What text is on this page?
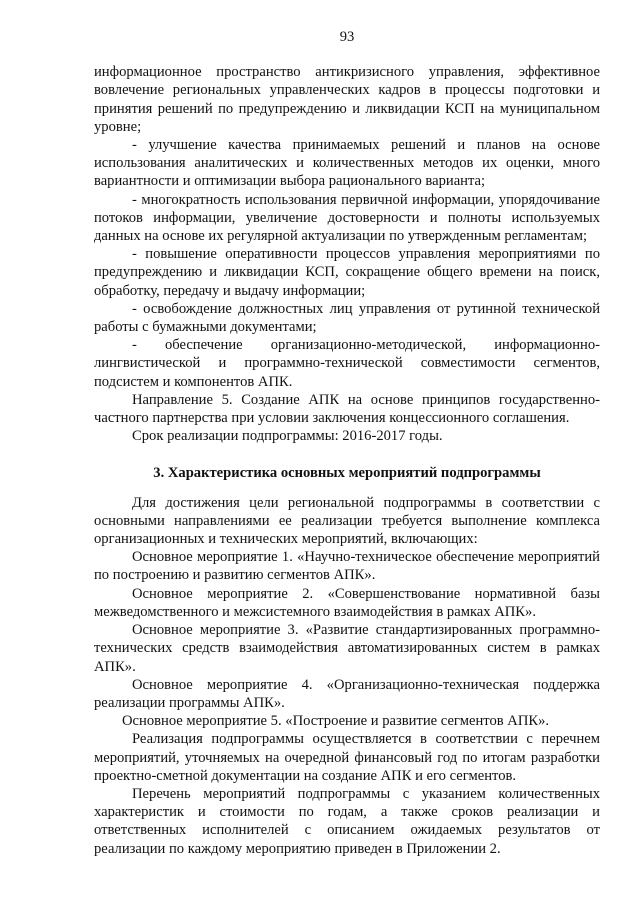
93

информационное пространство антикризисного управления, эффективное вовлечение региональных управленческих кадров в процессы подготовки и принятия решений по предупреждению и ликвидации КСП на муниципальном уровне;

- улучшение качества принимаемых решений и планов на основе использования аналитических и количественных методов их оценки, много вариантности и оптимизации выбора рационального варианта;

- многократность использования первичной информации, упорядочивание потоков информации, увеличение достоверности и полноты используемых данных на основе их регулярной актуализации по утвержденным регламентам;

- повышение оперативности процессов управления мероприятиями по предупреждению и ликвидации КСП, сокращение общего времени на поиск, обработку, передачу и выдачу информации;

- освобождение должностных лиц управления от рутинной технической работы с бумажными документами;

- обеспечение организационно-методической, информационно-лингвистической и программно-технической совместимости сегментов, подсистем и компонентов АПК.

Направление 5. Создание АПК на основе принципов государственно-частного партнерства при условии заключения концессионного соглашения.

Срок реализации подпрограммы: 2016-2017 годы.

3. Характеристика основных мероприятий подпрограммы

Для достижения цели региональной подпрограммы в соответствии с основными направлениями ее реализации требуется выполнение комплекса организационных и технических мероприятий, включающих:

Основное мероприятие 1. «Научно-техническое обеспечение мероприятий по построению и развитию сегментов АПК».

Основное мероприятие 2. «Совершенствование нормативной базы межведомственного и межсистемного взаимодействия в рамках АПК».

Основное мероприятие 3. «Развитие стандартизированных программно-технических средств взаимодействия автоматизированных систем в рамках АПК».

Основное мероприятие 4. «Организационно-техническая поддержка реализации программы АПК».

Основное мероприятие 5. «Построение и развитие сегментов АПК».

Реализация подпрограммы осуществляется в соответствии с перечнем мероприятий, уточняемых на очередной финансовый год по итогам разработки проектно-сметной документации на создание АПК и его сегментов.

Перечень мероприятий подпрограммы с указанием количественных характеристик и стоимости по годам, а также сроков реализации и ответственных исполнителей с описанием ожидаемых результатов от реализации по каждому мероприятию приведен в Приложении 2.
